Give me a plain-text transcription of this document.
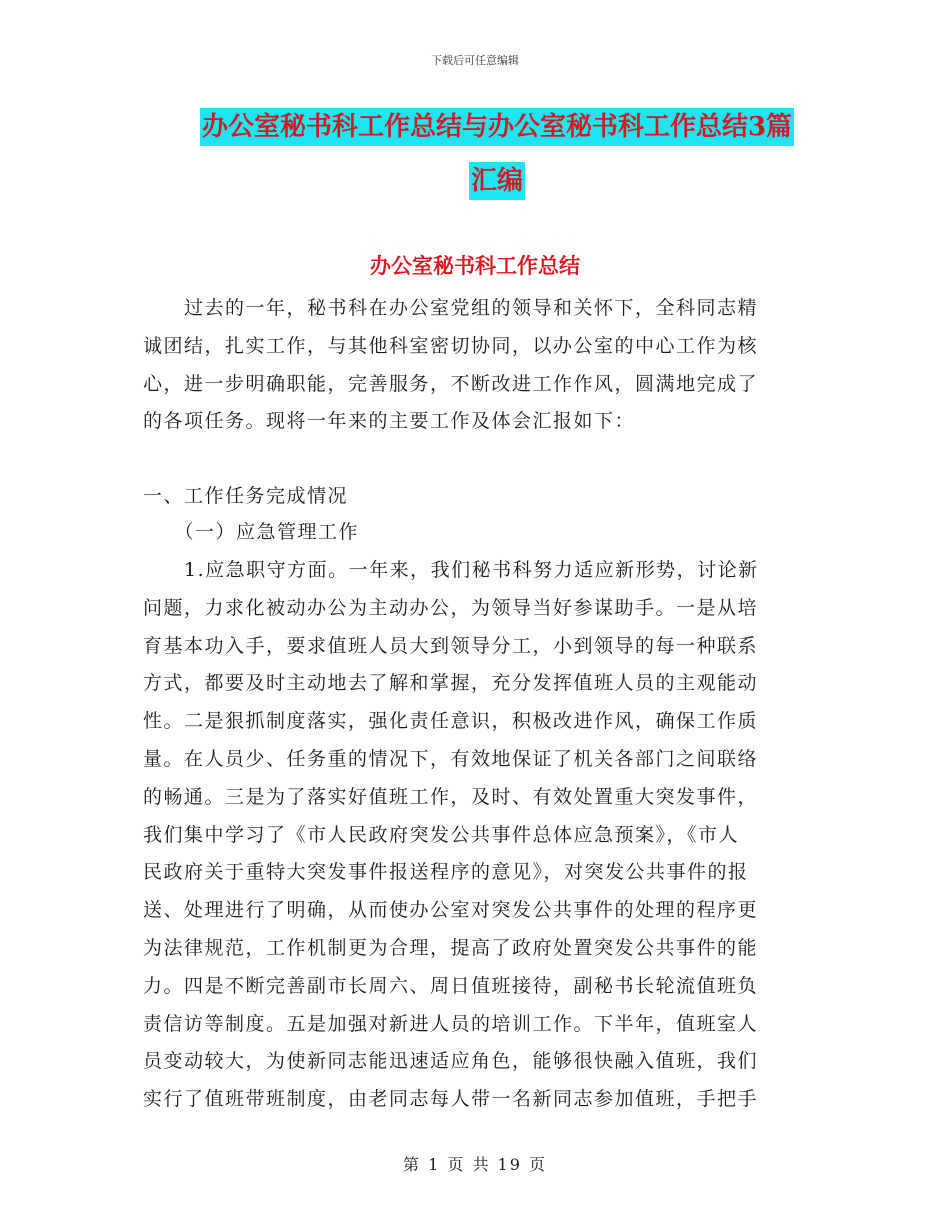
下载后可任意编辑
办公室秘书科工作总结与办公室秘书科工作总结3篇
汇编
办公室秘书科工作总结
　　过去的一年，秘书科在办公室党组的领导和关怀下，全科同志精
诚团结，扎实工作，与其他科室密切协同，以办公室的中心工作为核
心，进一步明确职能，完善服务，不断改进工作作风，圆满地完成了
的各项任务。现将一年来的主要工作及体会汇报如下：
一、工作任务完成情况
　　（一）应急管理工作
　　1.应急职守方面。一年来，我们秘书科努力适应新形势，讨论新
问题，力求化被动办公为主动办公，为领导当好参谋助手。一是从培
育基本功入手，要求值班人员大到领导分工，小到领导的每一种联系
方式，都要及时主动地去了解和掌握，充分发挥值班人员的主观能动
性。二是狠抓制度落实，强化责任意识，积极改进作风，确保工作质
量。在人员少、任务重的情况下，有效地保证了机关各部门之间联络
的畅通。三是为了落实好值班工作，及时、有效处置重大突发事件，
我们集中学习了《市人民政府突发公共事件总体应急预案》，《市人
民政府关于重特大突发事件报送程序的意见》，对突发公共事件的报
送、处理进行了明确，从而使办公室对突发公共事件的处理的程序更
为法律规范，工作机制更为合理，提高了政府处置突发公共事件的能
力。四是不断完善副市长周六、周日值班接待，副秘书长轮流值班负
责信访等制度。五是加强对新进人员的培训工作。下半年，值班室人
员变动较大，为使新同志能迅速适应角色，能够很快融入值班，我们
实行了值班带班制度，由老同志每人带一名新同志参加值班，手把手
第 1 页 共 19 页
